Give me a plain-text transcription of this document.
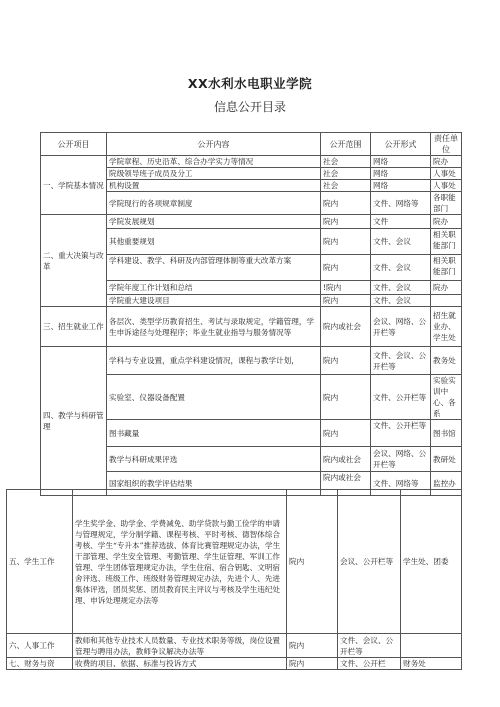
XX水利水电职业学院
信息公开目录
公开项目	公开内容	公开范围	公开形式	责任单位
一、学院基本情况	学院章程、历史沿革、综合办学实力等情况	社会	网络	院办
	院级领导班子成员及分工	社会	网络	人事处
	机构设置	社会	网络	人事处
	学院现行的各项规章制度	院内	文件、网络等	各职能部门
二、重大决策与改革	学院发展规划	院内	文件	院办
	其他重要规划	院内	文件、会议	相关职能部门
	学科建设、教学、科研及内部管理体制等重大改革方案	院内	文件、会议	相关职能部门
	学院年度工作计划和总结	!院内	文件、会议	院办
	学院重大建设项目	院内	文件、会议	
三、招生就业工作	各层次、类型学历教育招生、考试与录取规定，学籍管理，学生申诉途径与处理程序；毕业生就业指导与服务情况等	院内或社会	会议、网络、公开栏等	招生就业办、学生处
四、教学与科研管理	学科与专业设置，重点学科建设情况，课程与教学计划，	院内	文件、会议、公开栏等	教务处
	实验室、仪器设备配置	院内	文件、公开栏等	实验实训中心、各系
	图书藏量	院内	文件、公开栏等	图书馆
	教学与科研成果评选	院内或社会	会议、网络、公开栏等	教研处
	国家组织的教学评估结果	院内或社会	文件、网络等	监控办
五、学生工作	学生奖学金、助学金、学费减免、助学贷款与勤工俭学的申请与管理规定，学分制学籍、课程考核、平时考核、德智体综合考核、学生“专升本”推荐选拔、体育比赛管理规定办法，学生干部管理、学生安全管理、考勤管理、学生证管理、军训工作管理、学生团体管理规定办法，学生住宿、宿合钥匙、文明宿舍评选、班级工作、班级财务管理规定办法，先进个人、先进集体评选，团员奖惩、团员教育民主评议与考核及学生违纪处理、申诉处理规定办法等	院内	会议、公开栏等	学生处、团委
六、人事工作	教师和其他专业技术人员数量、专业技术职务等级，岗位设置管理与聘用办法，教师争议解决办法等	院内	文件、会议、公开栏等	
七、财务与资	收费的项目、依据、标准与投诉方式	院内	文件、公开栏	财务处
